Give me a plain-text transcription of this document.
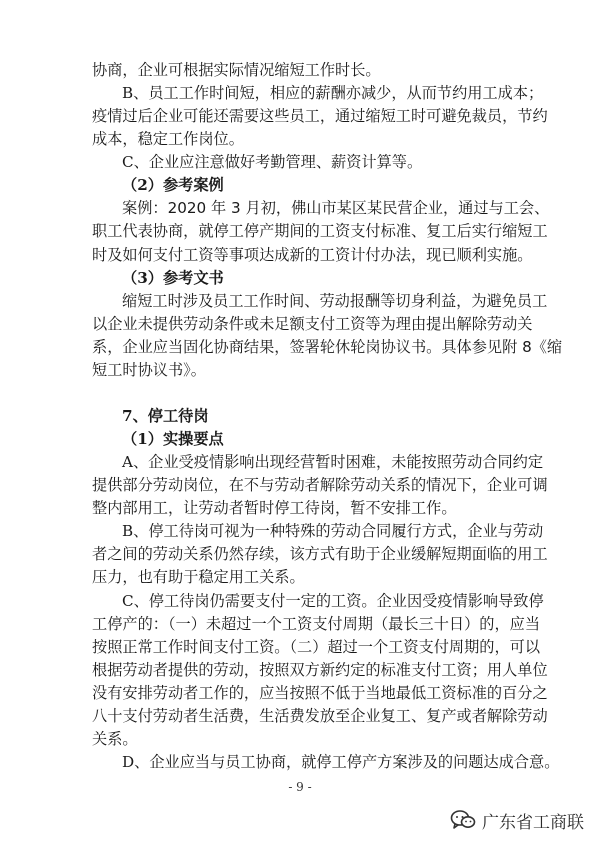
协商，企业可根据实际情况缩短工作时长。
B、员工工作时间短，相应的薪酬亦减少，从而节约用工成本；
疫情过后企业可能还需要这些员工，通过缩短工时可避免裁员，节约
成本，稳定工作岗位。
C、企业应注意做好考勤管理、薪资计算等。
（2）参考案例
案例：2020 年 3 月初，佛山市某区某民营企业，通过与工会、
职工代表协商，就停工停产期间的工资支付标准、复工后实行缩短工
时及如何支付工资等事项达成新的工资计付办法，现已顺利实施。
（3）参考文书
缩短工时涉及员工工作时间、劳动报酬等切身利益，为避免员工
以企业未提供劳动条件或未足额支付工资等为理由提出解除劳动关
系，企业应当固化协商结果，签署轮休轮岗协议书。具体参见附 8《缩
短工时协议书》。
7、停工待岗
（1）实操要点
A、企业受疫情影响出现经营暂时困难，未能按照劳动合同约定
提供部分劳动岗位，在不与劳动者解除劳动关系的情况下，企业可调
整内部用工，让劳动者暂时停工待岗，暂不安排工作。
B、停工待岗可视为一种特殊的劳动合同履行方式，企业与劳动
者之间的劳动关系仍然存续，该方式有助于企业缓解短期面临的用工
压力，也有助于稳定用工关系。
C、停工待岗仍需要支付一定的工资。企业因受疫情影响导致停
工停产的：（一）未超过一个工资支付周期（最长三十日）的，应当
按照正常工作时间支付工资。（二）超过一个工资支付周期的，可以
根据劳动者提供的劳动，按照双方新约定的标准支付工资；用人单位
没有安排劳动者工作的，应当按照不低于当地最低工资标准的百分之
八十支付劳动者生活费，生活费发放至企业复工、复产或者解除劳动
关系。
D、企业应当与员工协商，就停工停产方案涉及的问题达成合意。
- 9 -
广东省工商联
